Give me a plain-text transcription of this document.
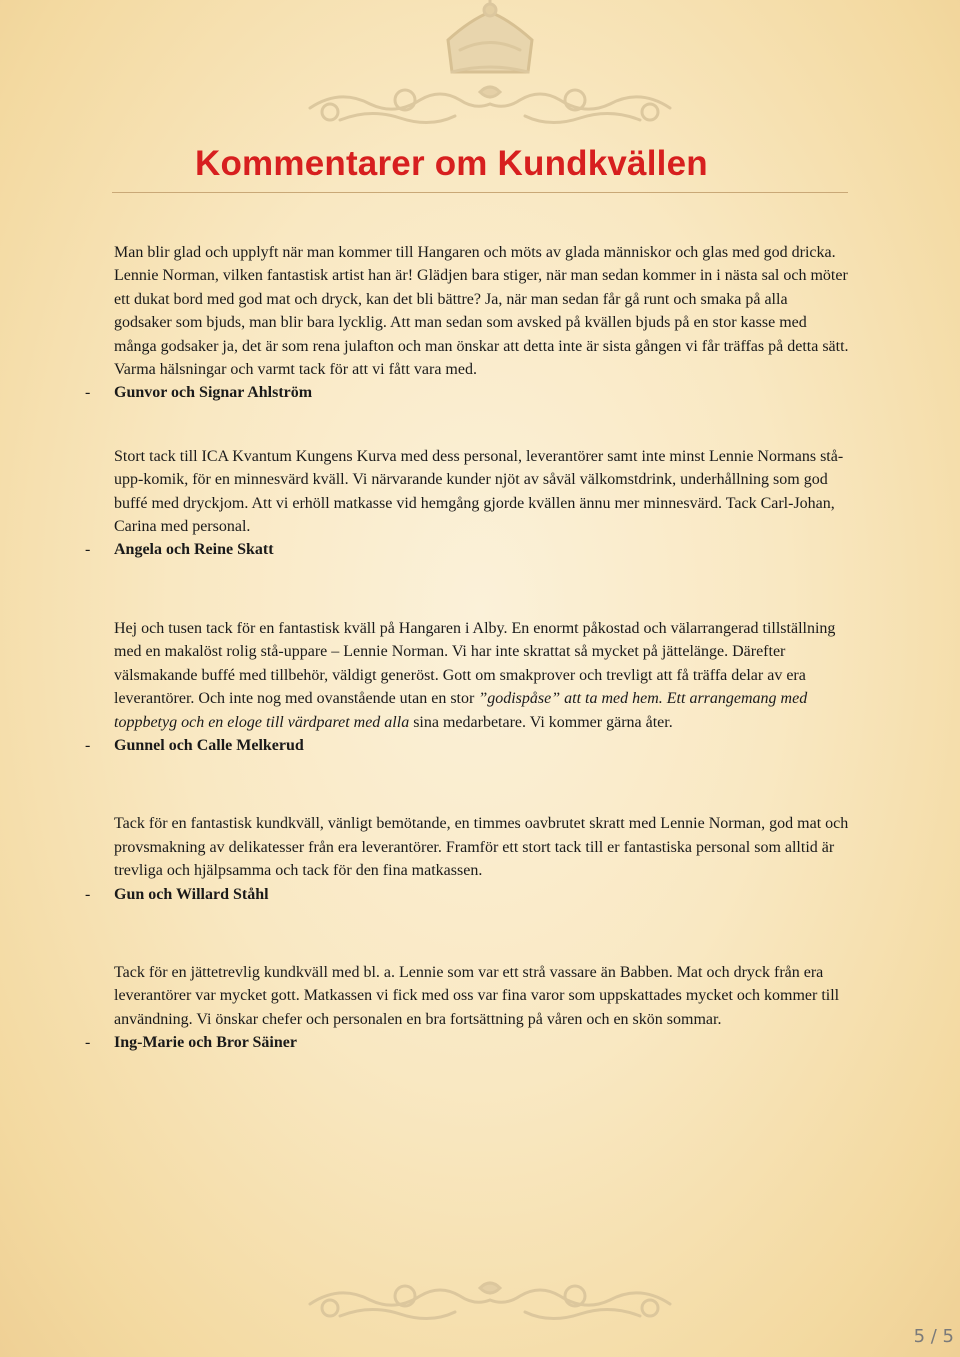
Kommentarer om Kundkvällen

Man blir glad och upplyft när man kommer till Hangaren och möts av glada människor och glas med god dricka. Lennie Norman, vilken fantastisk artist han är! Glädjen bara stiger, när man sedan kommer in i nästa sal och möter ett dukat bord med god mat och dryck, kan det bli bättre? Ja, när man sedan får gå runt och smaka på alla godsaker som bjuds, man blir bara lycklig. Att man sedan som avsked på kvällen bjuds på en stor kasse med många godsaker ja, det är som rena julafton och man önskar att detta inte är sista gången vi får träffas på detta sätt. Varma hälsningar och varmt tack för att vi fått vara med.

- Gunvor och Signar Ahlström

Stort tack till ICA Kvantum Kungens Kurva med dess personal, leverantörer samt inte minst Lennie Normans stå-upp-komik, för en minnesvärd kväll. Vi närvarande kunder njöt av såväl välkomstdrink, underhållning som god buffé med dryckjom. Att vi erhöll matkasse vid hemgång gjorde kvällen ännu mer minnesvärd. Tack Carl-Johan, Carina med personal.

- Angela och Reine Skatt

Hej och tusen tack för en fantastisk kväll på Hangaren i Alby. En enormt påkostad och välarrangerad tillställning med en makalöst rolig stå-uppare – Lennie Norman. Vi har inte skrattat så mycket på jättelänge. Därefter välsmakande buffé med tillbehör, väldigt generöst. Gott om smakprover och trevligt att få träffa delar av era leverantörer. Och inte nog med ovanstående utan en stor ”godispåse” att ta med hem. Ett arrangemang med toppbetyg och en eloge till värdparet med alla sina medarbetare. Vi kommer gärna åter.

- Gunnel och Calle Melkerud

Tack för en fantastisk kundkväll, vänligt bemötande, en timmes oavbrutet skratt med Lennie Norman, god mat och provsmakning av delikatesser från era leverantörer. Framför ett stort tack till er fantastiska personal som alltid är trevliga och hjälpsamma och tack för den fina matkassen.

- Gun och Willard Ståhl

Tack för en jättetrevlig kundkväll med bl. a. Lennie som var ett strå vassare än Babben. Mat och dryck från era leverantörer var mycket gott. Matkassen vi fick med oss var fina varor som uppskattades mycket och kommer till användning. Vi önskar chefer och personalen en bra fortsättning på våren och en skön sommar.

- Ing-Marie och Bror Säiner

5 / 5
